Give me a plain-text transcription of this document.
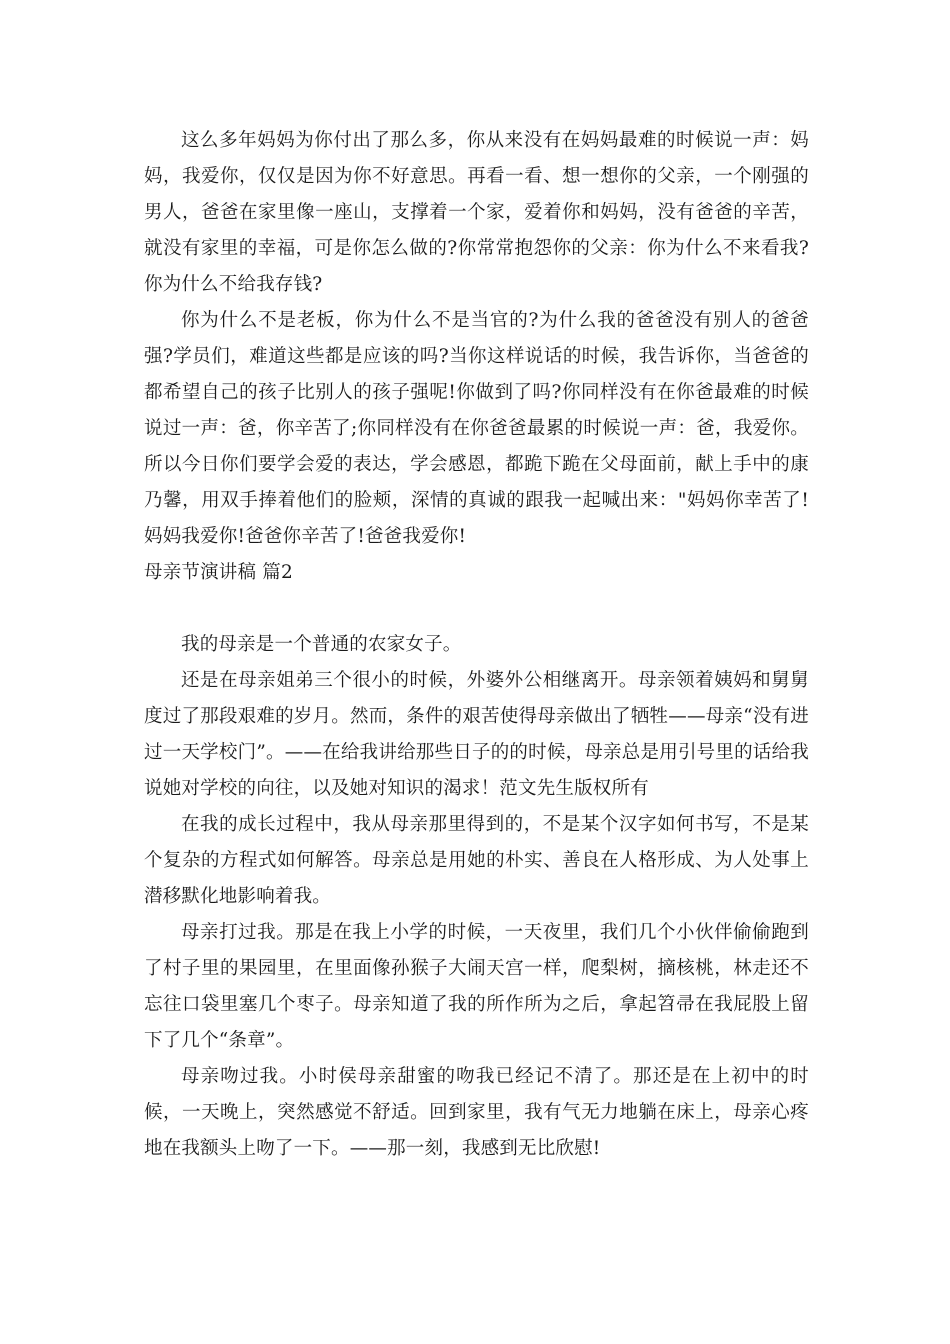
这么多年妈妈为你付出了那么多，你从来没有在妈妈最难的时候说一声：妈妈，我爱你，仅仅是因为你不好意思。再看一看、想一想你的父亲，一个刚强的男人，爸爸在家里像一座山，支撑着一个家，爱着你和妈妈，没有爸爸的辛苦，就没有家里的幸福，可是你怎么做的?你常常抱怨你的父亲：你为什么不来看我?你为什么不给我存钱?

你为什么不是老板，你为什么不是当官的?为什么我的爸爸没有别人的爸爸强?学员们，难道这些都是应该的吗?当你这样说话的时候，我告诉你，当爸爸的都希望自己的孩子比别人的孩子强呢!你做到了吗?你同样没有在你爸最难的时候说过一声：爸，你辛苦了;你同样没有在你爸爸最累的时候说一声：爸，我爱你。所以今日你们要学会爱的表达，学会感恩，都跪下跪在父母面前，献上手中的康乃馨，用双手捧着他们的脸颊，深情的真诚的跟我一起喊出来："妈妈你幸苦了!妈妈我爱你!爸爸你辛苦了!爸爸我爱你!

母亲节演讲稿 篇2

我的母亲是一个普通的农家女子。

还是在母亲姐弟三个很小的时候，外婆外公相继离开。母亲领着姨妈和舅舅度过了那段艰难的岁月。然而，条件的艰苦使得母亲做出了牺牲——母亲“没有进过一天学校门”。——在给我讲给那些日子的的时候，母亲总是用引号里的话给我说她对学校的向往，以及她对知识的渴求！范文先生版权所有

在我的成长过程中，我从母亲那里得到的，不是某个汉字如何书写，不是某个复杂的方程式如何解答。母亲总是用她的朴实、善良在人格形成、为人处事上潜移默化地影响着我。

母亲打过我。那是在我上小学的时候，一天夜里，我们几个小伙伴偷偷跑到了村子里的果园里，在里面像孙猴子大闹天宫一样，爬梨树，摘核桃，林走还不忘往口袋里塞几个枣子。母亲知道了我的所作所为之后，拿起笤帚在我屁股上留下了几个“条章”。

母亲吻过我。小时侯母亲甜蜜的吻我已经记不清了。那还是在上初中的时候，一天晚上，突然感觉不舒适。回到家里，我有气无力地躺在床上，母亲心疼地在我额头上吻了一下。——那一刻，我感到无比欣慰!
